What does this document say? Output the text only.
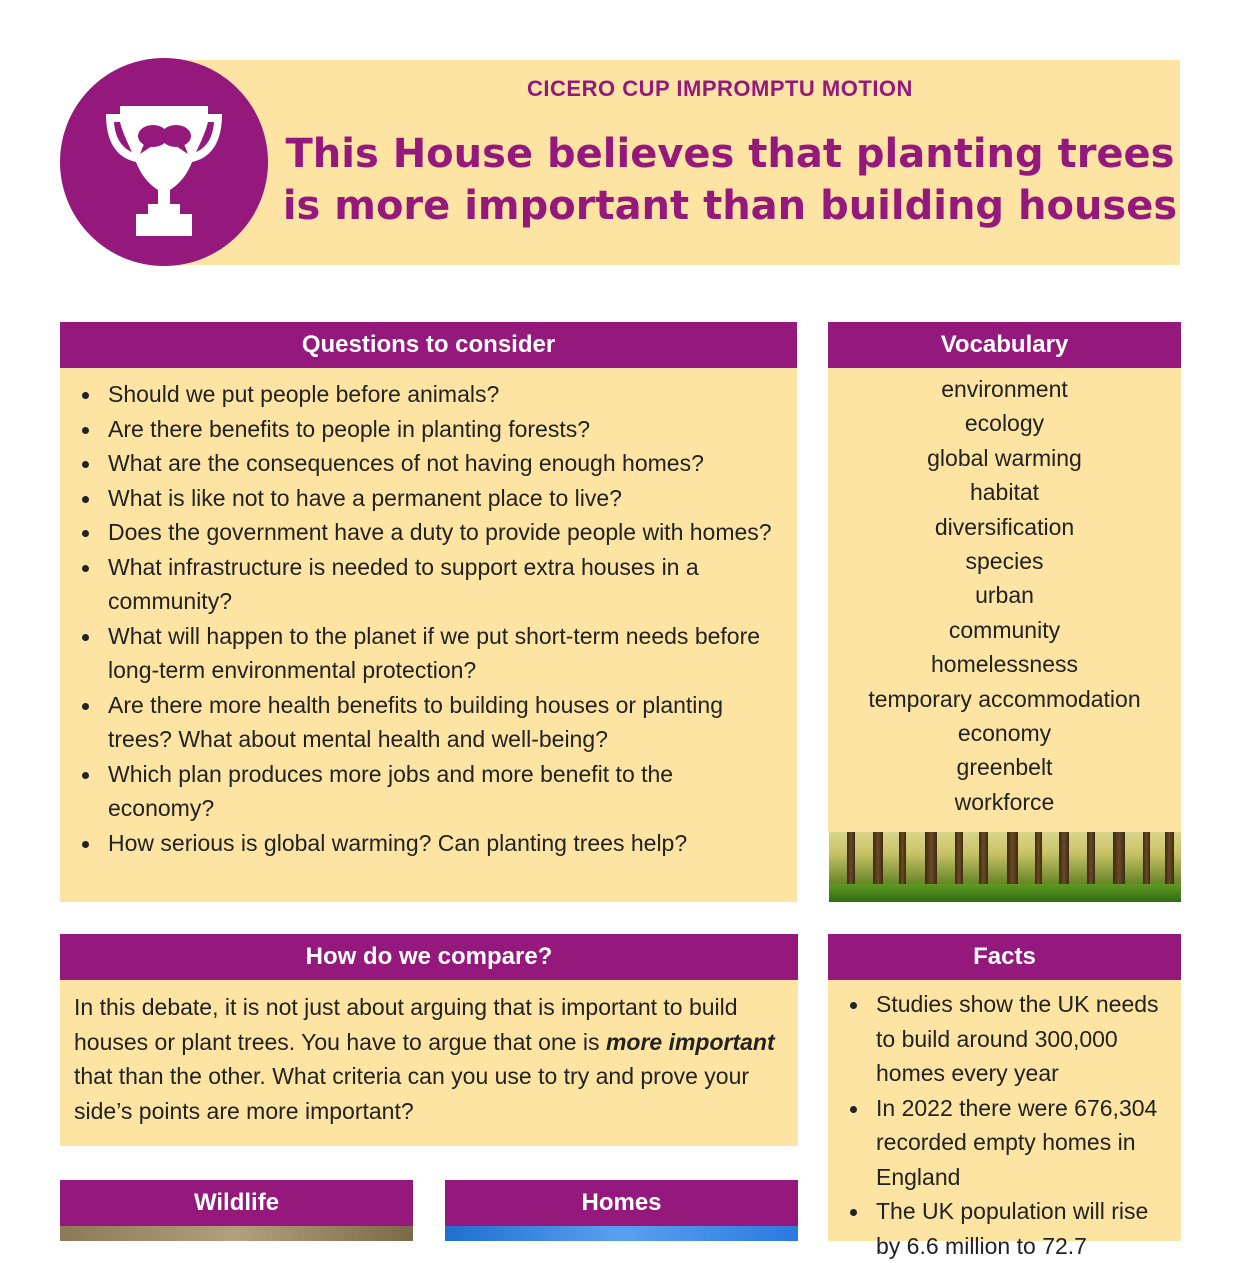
CICERO CUP IMPROMPTU MOTION
This House believes that planting trees
is more important than building houses
Questions to consider
Should we put people before animals?
Are there benefits to people in planting forests?
What are the consequences of not having enough homes?
What is like not to have a permanent place to live?
Does the government have a duty to provide people with homes?
What infrastructure is needed to support extra houses in a community?
What will happen to the planet if we put short-term needs before long-term environmental protection?
Are there more health benefits to building houses or planting trees? What about mental health and well-being?
Which plan produces more jobs and more benefit to the economy?
How serious is global warming? Can planting trees help?
Vocabulary
environment
ecology
global warming
habitat
diversification
species
urban
community
homelessness
temporary accommodation
economy
greenbelt
workforce
How do we compare?
In this debate, it is not just about arguing that is important to build houses or plant trees. You have to argue that one is more important that than the other. What criteria can you use to try and prove your side’s points are more important?
Facts
Studies show the UK needs to build around 300,000 homes every year
In 2022 there were 676,304 recorded empty homes in England
The UK population will rise by 6.6 million to 72.7
Wildlife	Homes
